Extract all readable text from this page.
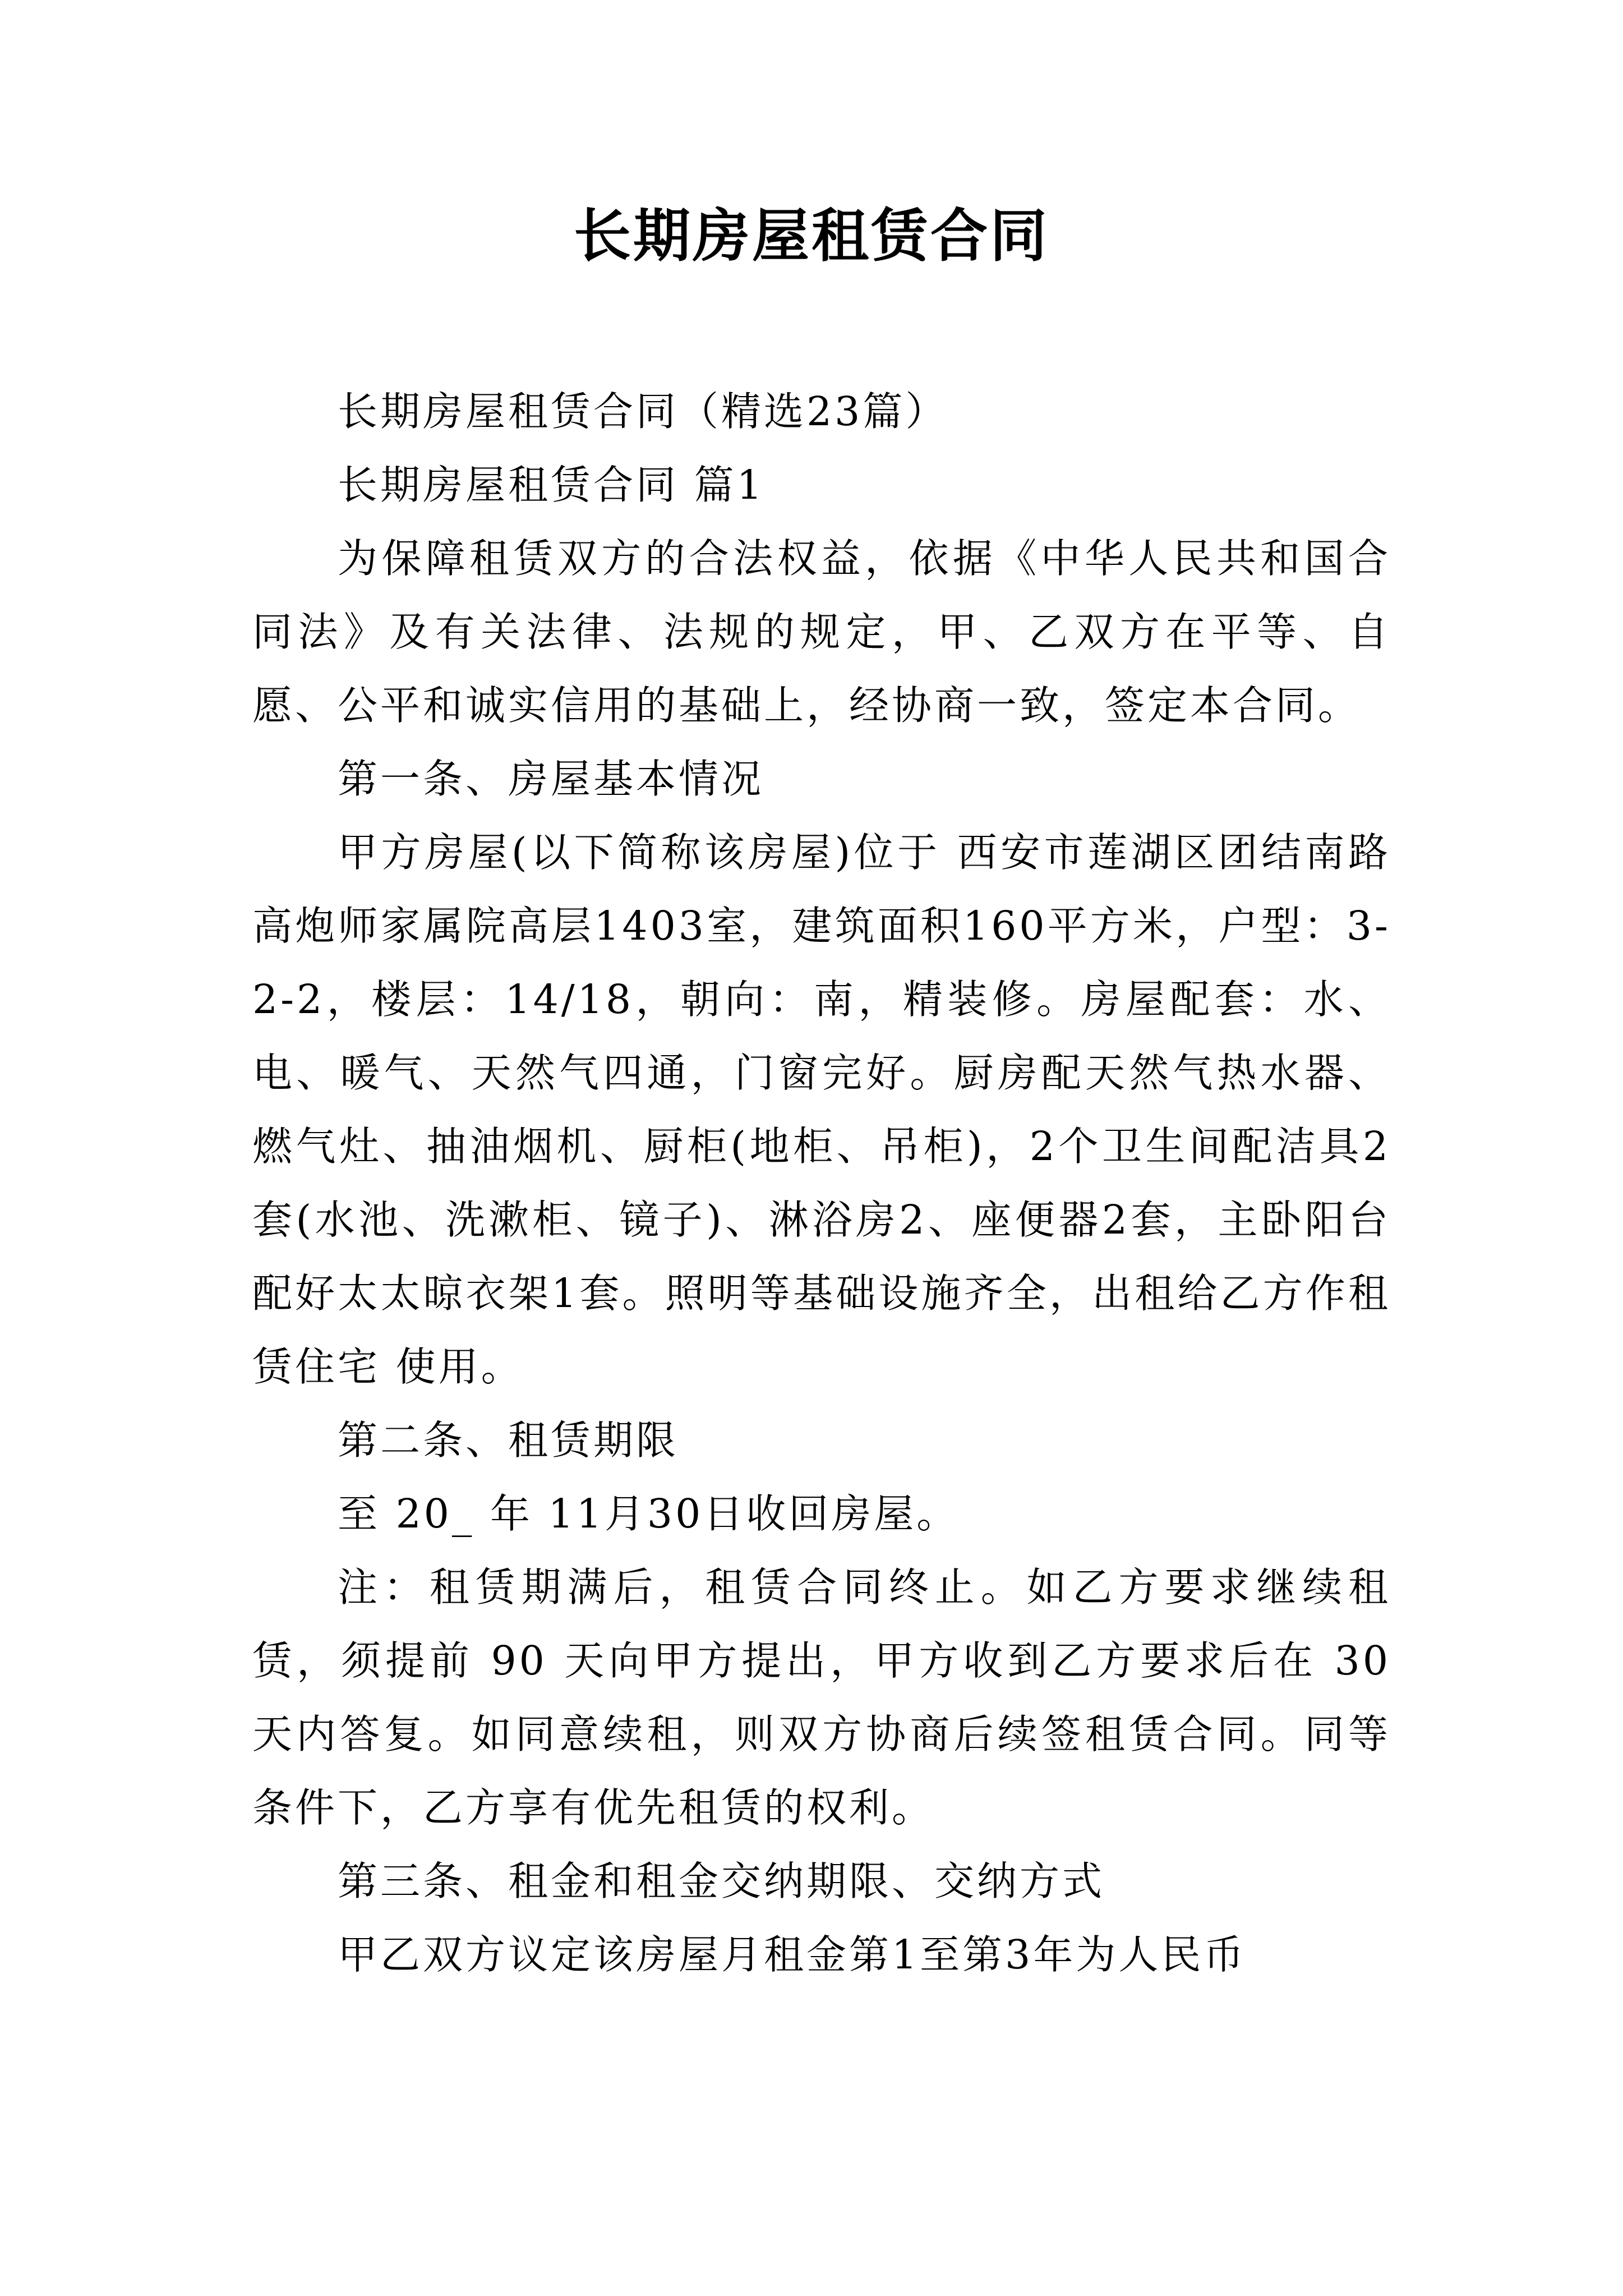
长期房屋租赁合同

长期房屋租赁合同（精选23篇）

长期房屋租赁合同 篇1

为保障租赁双方的合法权益，依据《中华人民共和国合同法》及有关法律、法规的规定，甲、乙双方在平等、自愿、公平和诚实信用的基础上，经协商一致，签定本合同。

第一条、房屋基本情况

甲方房屋(以下简称该房屋)位于 西安市莲湖区团结南路高炮师家属院高层1403室，建筑面积160平方米，户型：3-2-2，楼层：14/18，朝向：南，精装修。房屋配套：水、电、暖气、天然气四通，门窗完好。厨房配天然气热水器、燃气灶、抽油烟机、厨柜(地柜、吊柜)，2个卫生间配洁具2套(水池、洗漱柜、镜子)、淋浴房2、座便器2套，主卧阳台配好太太晾衣架1套。照明等基础设施齐全，出租给乙方作租赁住宅 使用。

第二条、租赁期限

至 20_ 年 11月30日收回房屋。

注：租赁期满后，租赁合同终止。如乙方要求继续租赁，须提前 90 天向甲方提出，甲方收到乙方要求后在 30天内答复。如同意续租，则双方协商后续签租赁合同。同等条件下，乙方享有优先租赁的权利。

第三条、租金和租金交纳期限、交纳方式

甲乙双方议定该房屋月租金第1至第3年为人民币
